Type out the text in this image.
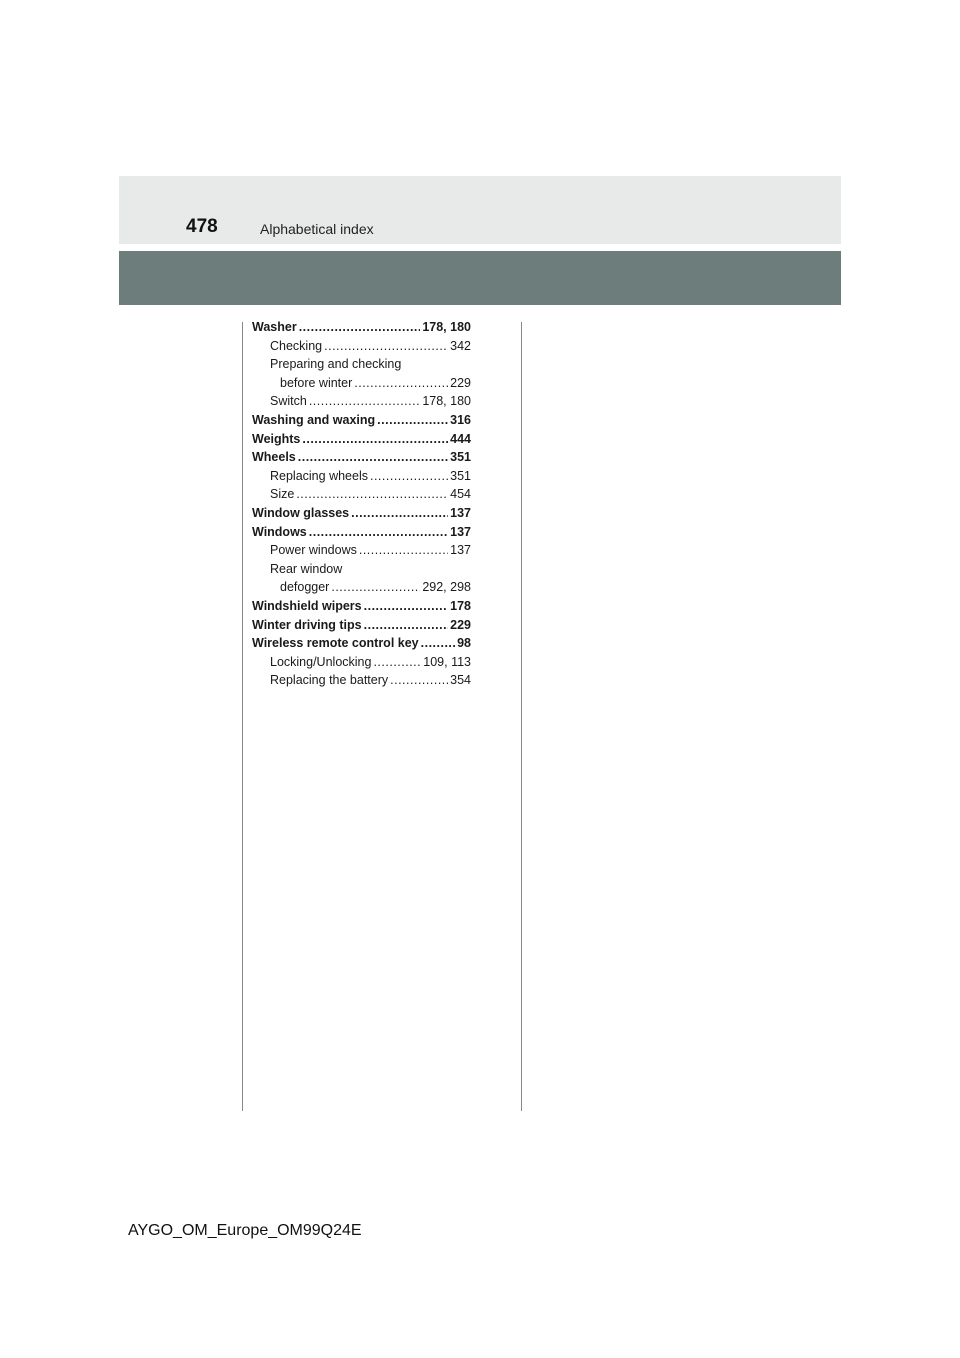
478	Alphabetical index
Washer .....	178, 180
Checking .....	342
Preparing and checking
before winter .....	229
Switch .....	178, 180
Washing and waxing .....	316
Weights .....	444
Wheels .....	351
Replacing wheels .....	351
Size .....	454
Window glasses .....	137
Windows .....	137
Power windows .....	137
Rear window
defogger .....	292, 298
Windshield wipers .....	178
Winter driving tips .....	229
Wireless remote control key .....	98
Locking/Unlocking .....	109, 113
Replacing the battery .....	354
AYGO_OM_Europe_OM99Q24E
